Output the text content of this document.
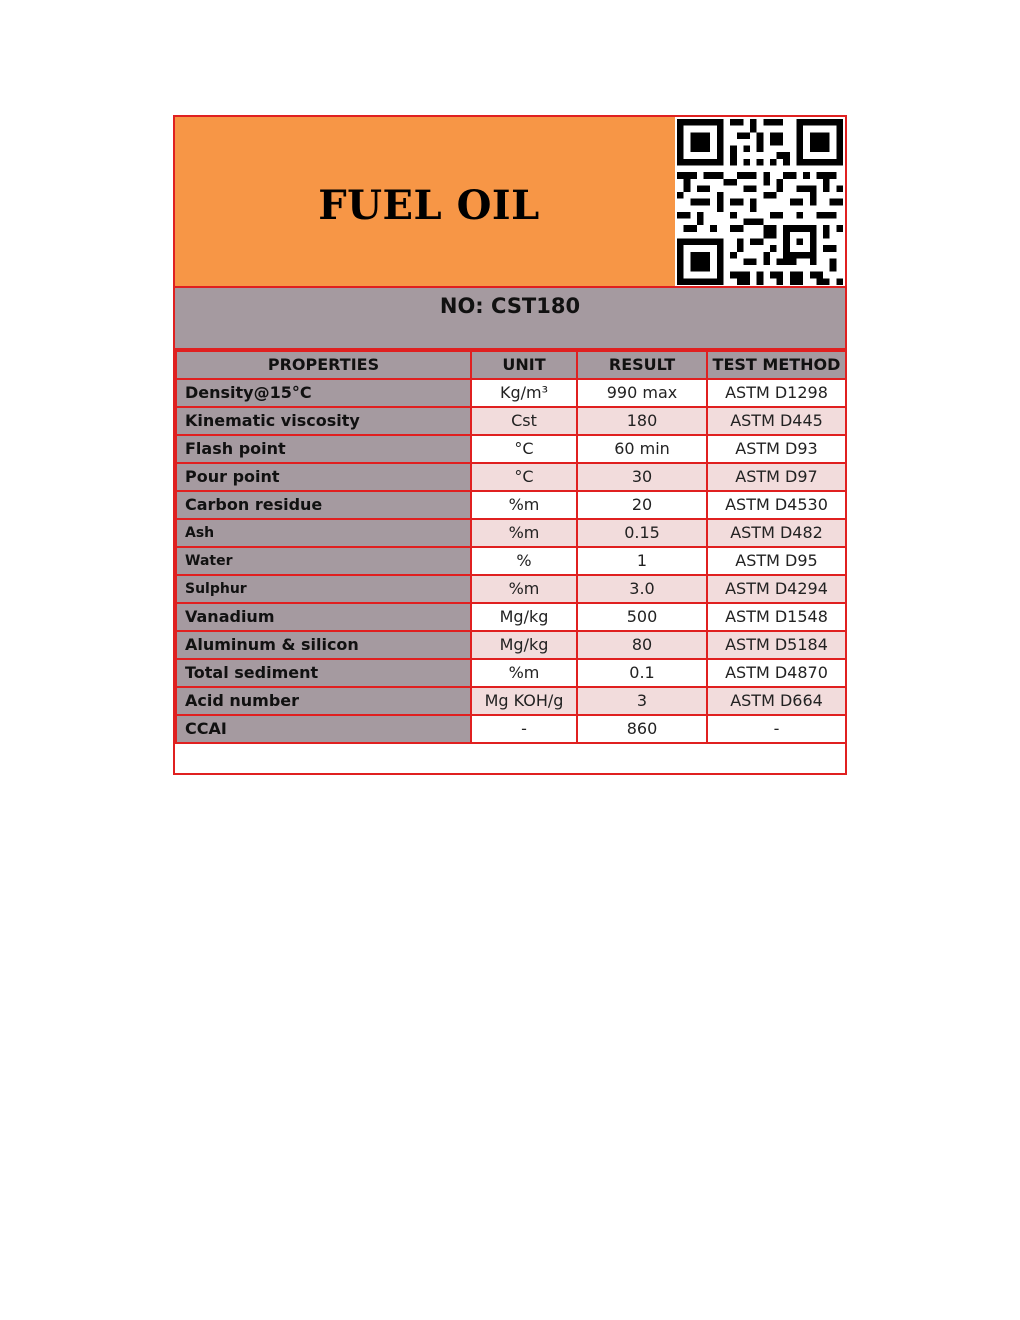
FUEL OIL
NO: CST180
PROPERTIES	UNIT	RESULT	TEST METHOD
Density@15°C	Kg/m³	990 max	ASTM D1298
Kinematic viscosity	Cst	180	ASTM D445
Flash point	°C	60 min	ASTM D93
Pour point	°C	30	ASTM D97
Carbon residue	%m	20	ASTM D4530
Ash	%m	0.15	ASTM D482
Water	%	1	ASTM D95
Sulphur	%m	3.0	ASTM D4294
Vanadium	Mg/kg	500	ASTM D1548
Aluminum & silicon	Mg/kg	80	ASTM D5184
Total sediment	%m	0.1	ASTM D4870
Acid number	Mg KOH/g	3	ASTM D664
CCAI	-	860	-
